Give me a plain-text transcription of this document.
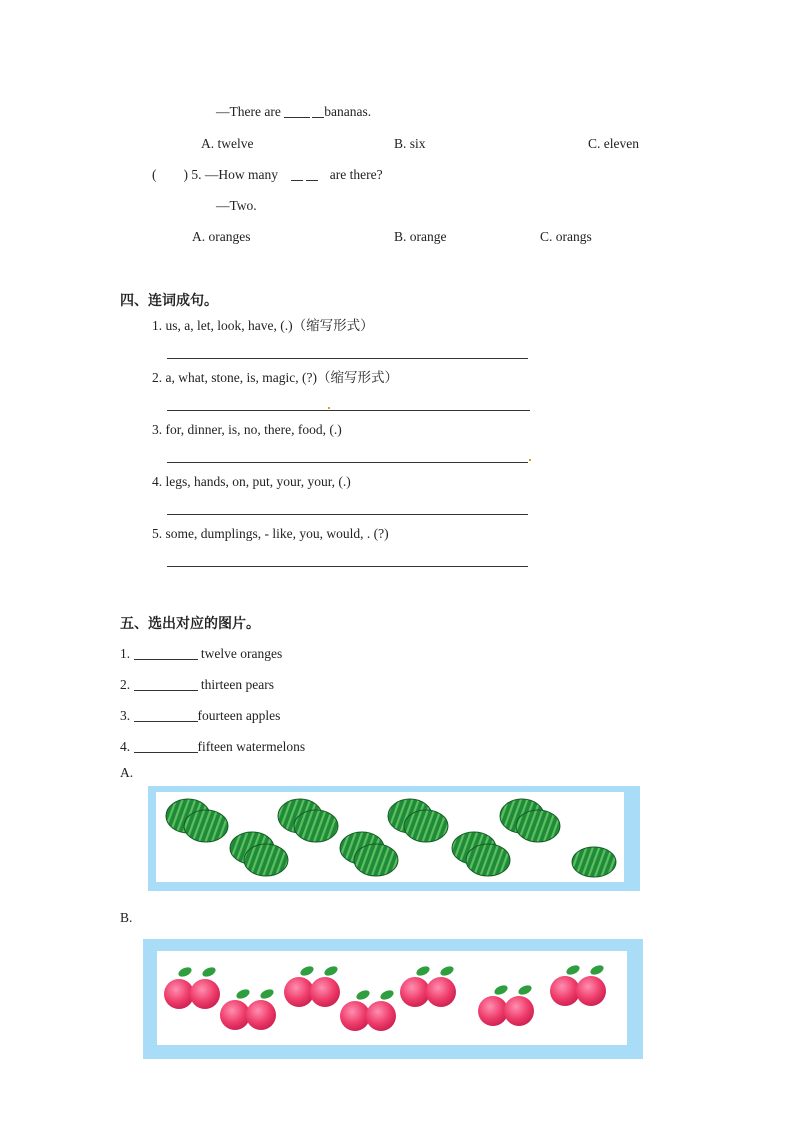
—There are	bananas.
A. twelve	B. six	C. eleven
(　　) 5. —How many	are there?
—Two.
A. oranges	B. orange	C. orangs
四、连词成句。
1. us, a, let, look, have, (.)（缩写形式）
2. a, what, stone, is, magic, (?)（缩写形式）
3. for, dinner, is, no, there, food, (.)
4. legs, hands, on, put, your, your, (.)
5. some, dumplings, ‐ like, you, would, . (?)
五、选出对应的图片。
1.	twelve oranges
2.	thirteen pears
3.	fourteen apples
4.	fifteen watermelons
A.
B.
